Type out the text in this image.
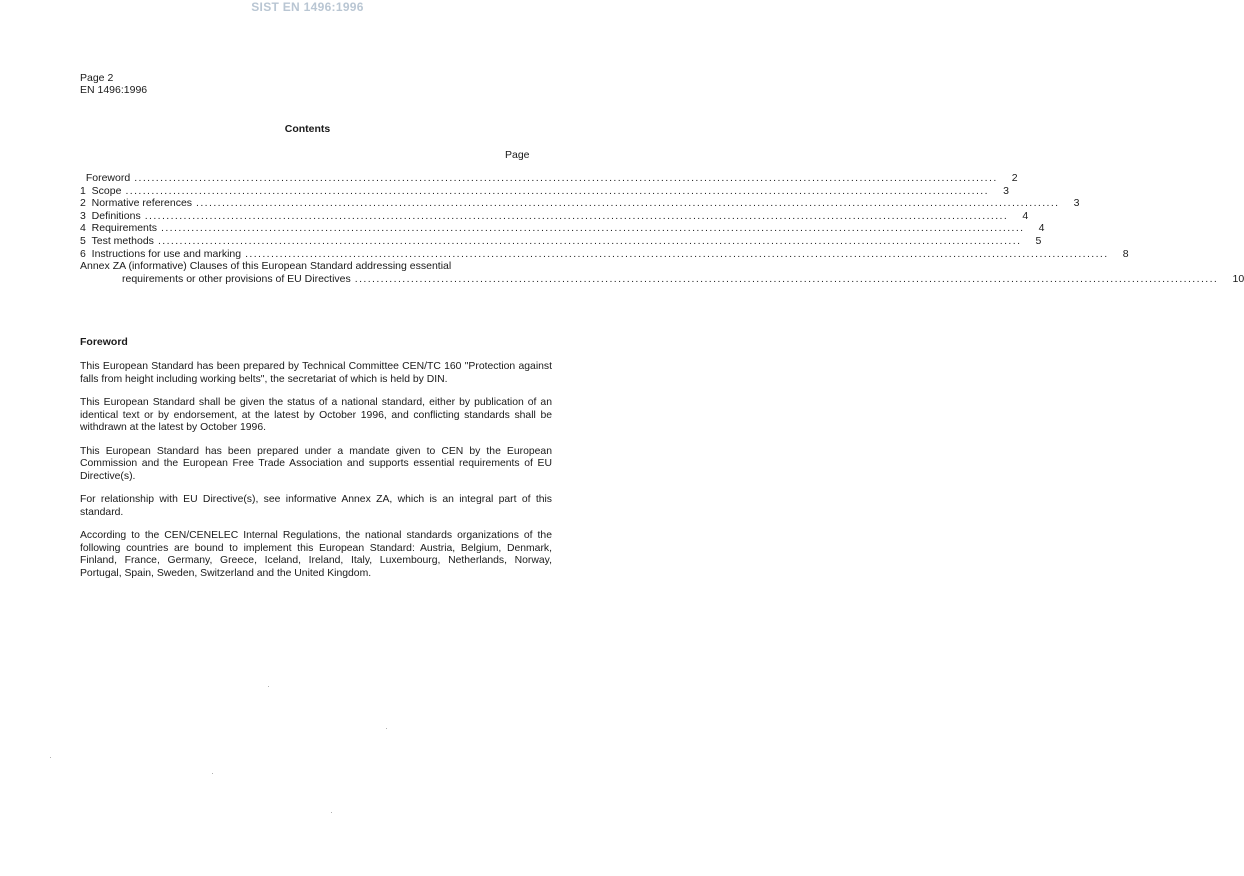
SIST EN 1496:1996
Page 2
EN 1496:1996
Contents
Page
Foreword ........................................................................................................................................................................................................	2
1  Scope ........................................................................................................................................................................................................	3
2  Normative references ........................................................................................................................................................................................................	3
3  Definitions ........................................................................................................................................................................................................	4
4  Requirements ........................................................................................................................................................................................................	4
5  Test methods ........................................................................................................................................................................................................	5
6  Instructions for use and marking ........................................................................................................................................................................................................	8
Annex ZA (informative) Clauses of this European Standard addressing essential
requirements or other provisions of EU Directives ........................................................................................................................................................................................................	10
Foreword

This European Standard has been prepared by Technical Committee CEN/TC 160 "Protection against falls from height including working belts", the secretariat of which is held by DIN.

This European Standard shall be given the status of a national standard, either by publication of an identical text or by endorsement, at the latest by October 1996, and conflicting standards shall be withdrawn at the latest by October 1996.

This European Standard has been prepared under a mandate given to CEN by the European Commission and the European Free Trade Association and supports essential requirements of EU Directive(s).

For relationship with EU Directive(s), see informative Annex ZA, which is an integral part of this standard.

According to the CEN/CENELEC Internal Regulations, the national standards organizations of the following countries are bound to implement this European Standard: Austria, Belgium, Denmark, Finland, France, Germany, Greece, Iceland, Ireland, Italy, Luxembourg, Netherlands, Norway, Portugal, Spain, Sweden, Switzerland and the United Kingdom.
